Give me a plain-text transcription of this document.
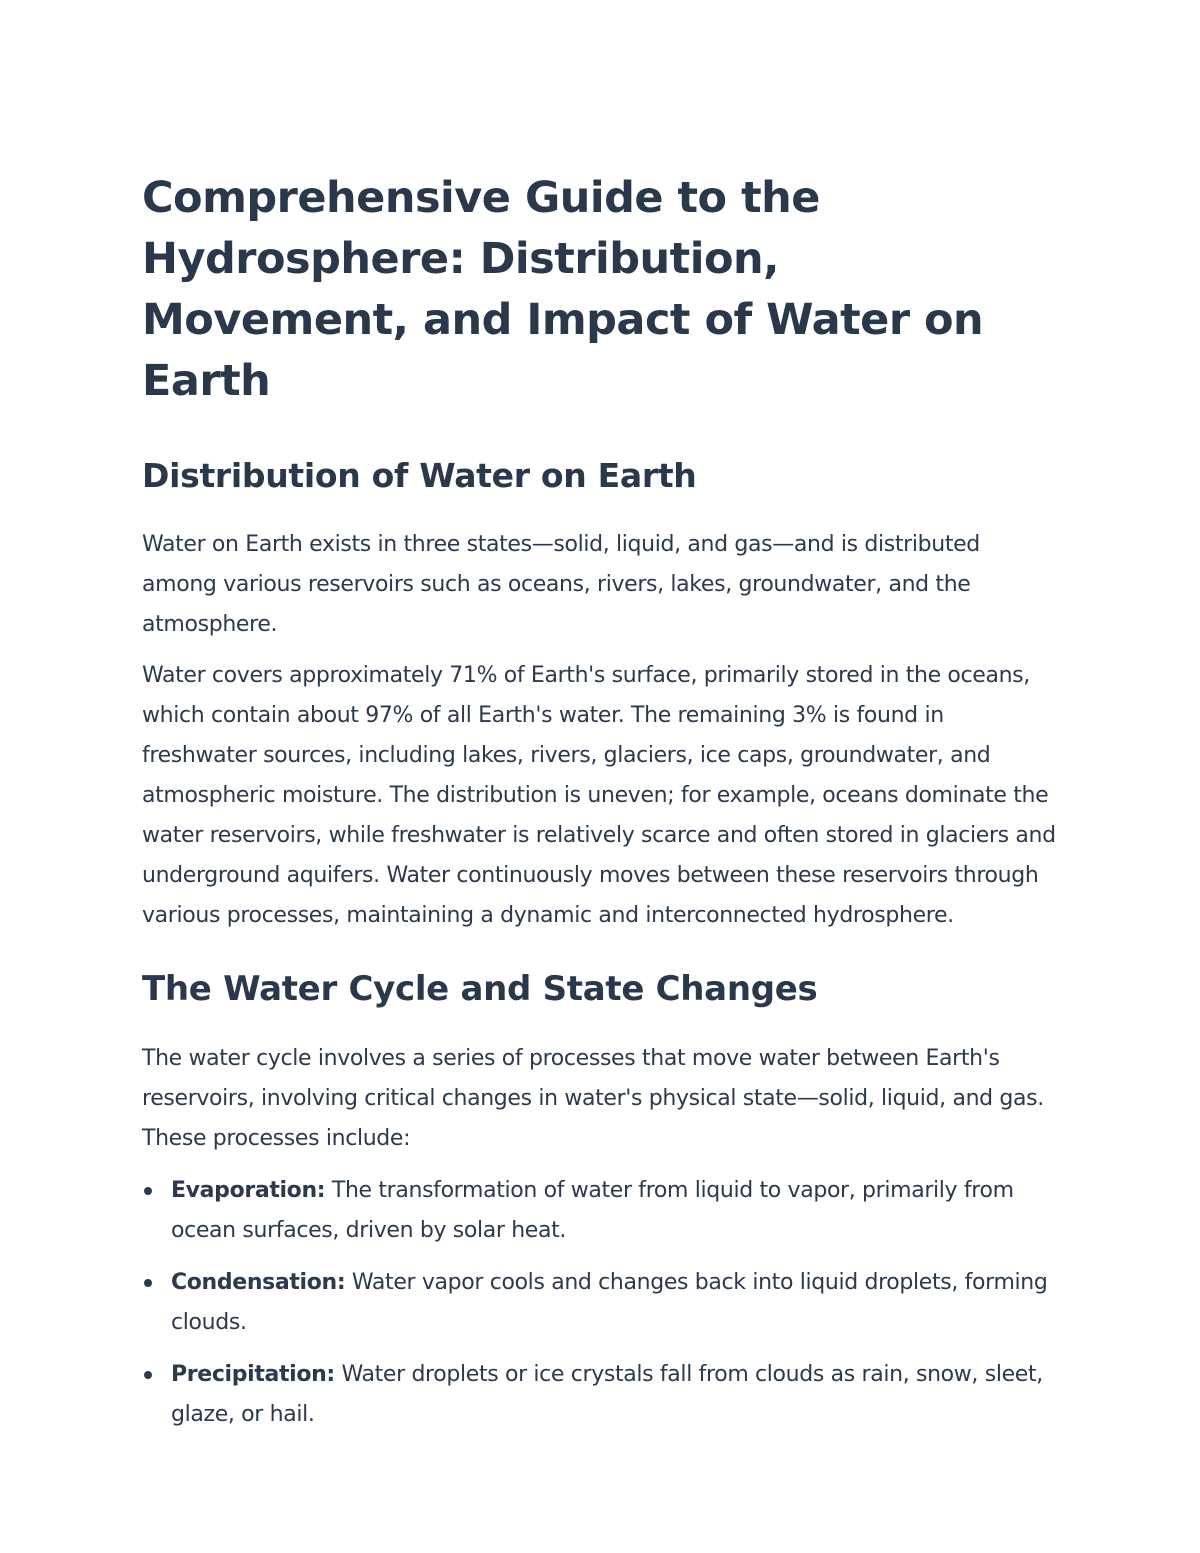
Comprehensive Guide to the Hydrosphere: Distribution, Movement, and Impact of Water on Earth
Distribution of Water on Earth

Water on Earth exists in three states—solid, liquid, and gas—and is distributed among various reservoirs such as oceans, rivers, lakes, groundwater, and the atmosphere.

Water covers approximately 71% of Earth's surface, primarily stored in the oceans, which contain about 97% of all Earth's water. The remaining 3% is found in freshwater sources, including lakes, rivers, glaciers, ice caps, groundwater, and atmospheric moisture. The distribution is uneven; for example, oceans dominate the water reservoirs, while freshwater is relatively scarce and often stored in glaciers and underground aquifers. Water continuously moves between these reservoirs through various processes, maintaining a dynamic and interconnected hydrosphere.

The Water Cycle and State Changes

The water cycle involves a series of processes that move water between Earth's reservoirs, involving critical changes in water's physical state—solid, liquid, and gas. These processes include:

Evaporation: The transformation of water from liquid to vapor, primarily from ocean surfaces, driven by solar heat.
Condensation: Water vapor cools and changes back into liquid droplets, forming clouds.
Precipitation: Water droplets or ice crystals fall from clouds as rain, snow, sleet, glaze, or hail.
